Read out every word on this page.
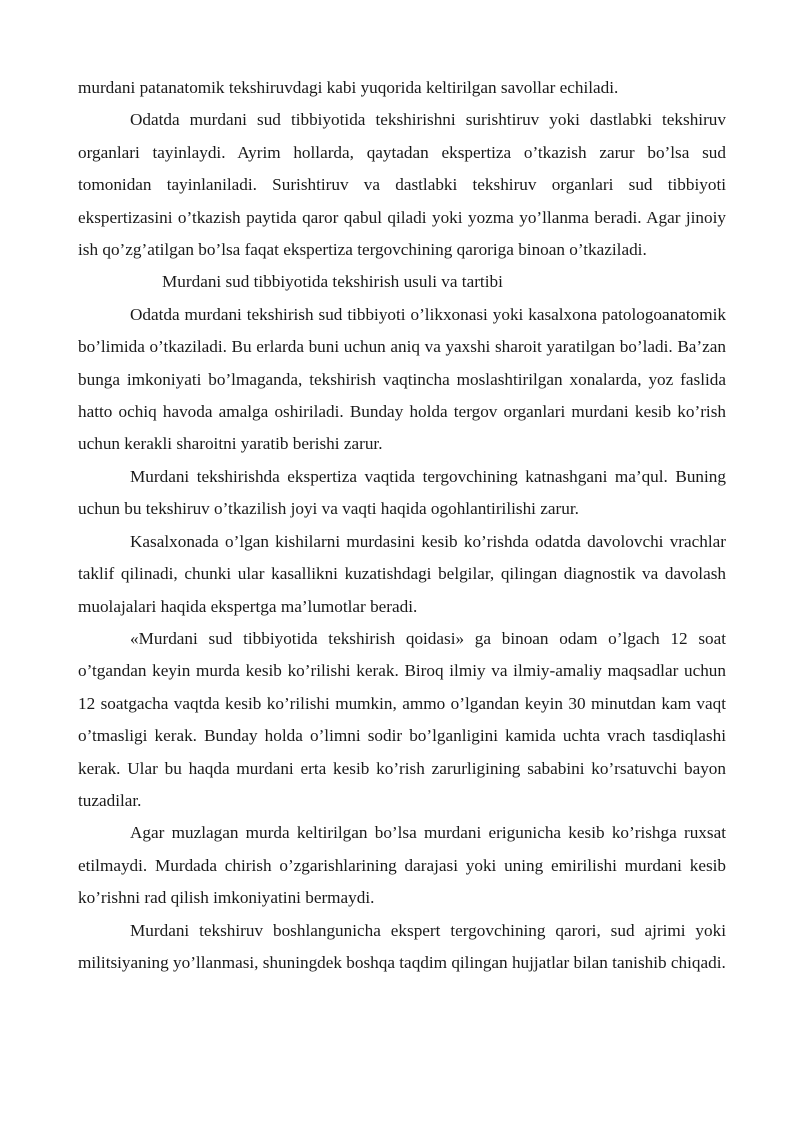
murdani patanatomik tekshiruvdagi kabi yuqorida keltirilgan savollar echiladi.

Odatda murdani sud tibbiyotida tekshirishni surishtiruv yoki dastlabki tekshiruv organlari tayinlaydi. Ayrim hollarda, qaytadan ekspertiza o’tkazish zarur bo’lsa sud tomonidan tayinlaniladi. Surishtiruv va dastlabki tekshiruv organlari sud tibbiyoti ekspertizasini o’tkazish paytida qaror qabul qiladi yoki yozma yo’llanma beradi. Agar jinoiy ish qo’zg’atilgan bo’lsa faqat ekspertiza tergovchining qaroriga binoan o’tkaziladi.

Murdani sud tibbiyotida tekshirish usuli va tartibi

Odatda murdani tekshirish sud tibbiyoti o’likxonasi yoki kasalxona patologoanatomik bo’limida o’tkaziladi. Bu erlarda buni uchun aniq va yaxshi sharoit yaratilgan bo’ladi. Ba’zan bunga imkoniyati bo’lmaganda, tekshirish vaqtincha moslashtirilgan xonalarda, yoz faslida hatto ochiq havoda amalga oshiriladi. Bunday holda tergov organlari murdani kesib ko’rish uchun kerakli sharoitni yaratib berishi zarur.

Murdani tekshirishda ekspertiza vaqtida tergovchining katnashgani ma’qul. Buning uchun bu tekshiruv o’tkazilish joyi va vaqti haqida ogohlantirilishi zarur.

Kasalxonada o’lgan kishilarni murdasini kesib ko’rishda odatda davolovchi vrachlar taklif qilinadi, chunki ular kasallikni kuzatishdagi belgilar, qilingan diagnostik va davolash muolajalari haqida ekspertga ma’lumotlar beradi.

«Murdani sud tibbiyotida tekshirish qoidasi» ga binoan odam o’lgach 12 soat o’tgandan keyin murda kesib ko’rilishi kerak. Biroq ilmiy va ilmiy-amaliy maqsadlar uchun 12 soatgacha vaqtda kesib ko’rilishi mumkin, ammo o’lgandan keyin 30 minutdan kam vaqt o’tmasligi kerak. Bunday holda o’limni sodir bo’lganligini kamida uchta vrach tasdiqlashi kerak. Ular bu haqda murdani erta kesib ko’rish zarurligining sababini ko’rsatuvchi bayon tuzadilar.

Agar muzlagan murda keltirilgan bo’lsa murdani erigunicha kesib ko’rishga ruxsat etilmaydi. Murdada chirish o’zgarishlarining darajasi yoki uning emirilishi murdani kesib ko’rishni rad qilish imkoniyatini bermaydi.

Murdani tekshiruv boshlangunicha ekspert tergovchining qarori, sud ajrimi yoki militsiyaning yo’llanmasi, shuningdek boshqa taqdim qilingan hujjatlar bilan tanishib chiqadi.
